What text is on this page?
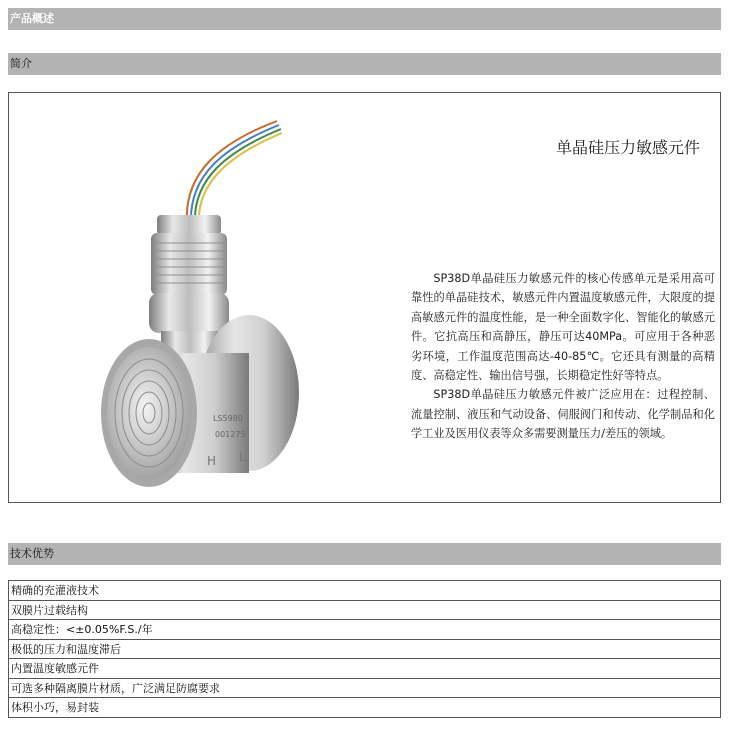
产品概述
简介
LS5980
001275
H L
单晶硅压力敏感元件

SP38D单晶硅压力敏感元件的核心传感单元是采用高可靠性的单晶硅技术，敏感元件内置温度敏感元件，大限度的提高敏感元件的温度性能，是一种全面数字化、智能化的敏感元件。它抗高压和高静压，静压可达40MPa。可应用于各种恶劣环境，工作温度范围高达-40-85℃。它还具有测量的高精度、高稳定性、输出信号强，长期稳定性好等特点。

SP38D单晶硅压力敏感元件被广泛应用在：过程控制、流量控制、液压和气动设备、伺服阀门和传动、化学制品和化学工业及医用仪表等众多需要测量压力/差压的领域。

技术优势
精确的充灌液技术
双膜片过载结构
高稳定性：<±0.05%F.S./年
极低的压力和温度滞后
内置温度敏感元件
可选多种隔离膜片材质，广泛满足防腐要求
体积小巧，易封装
